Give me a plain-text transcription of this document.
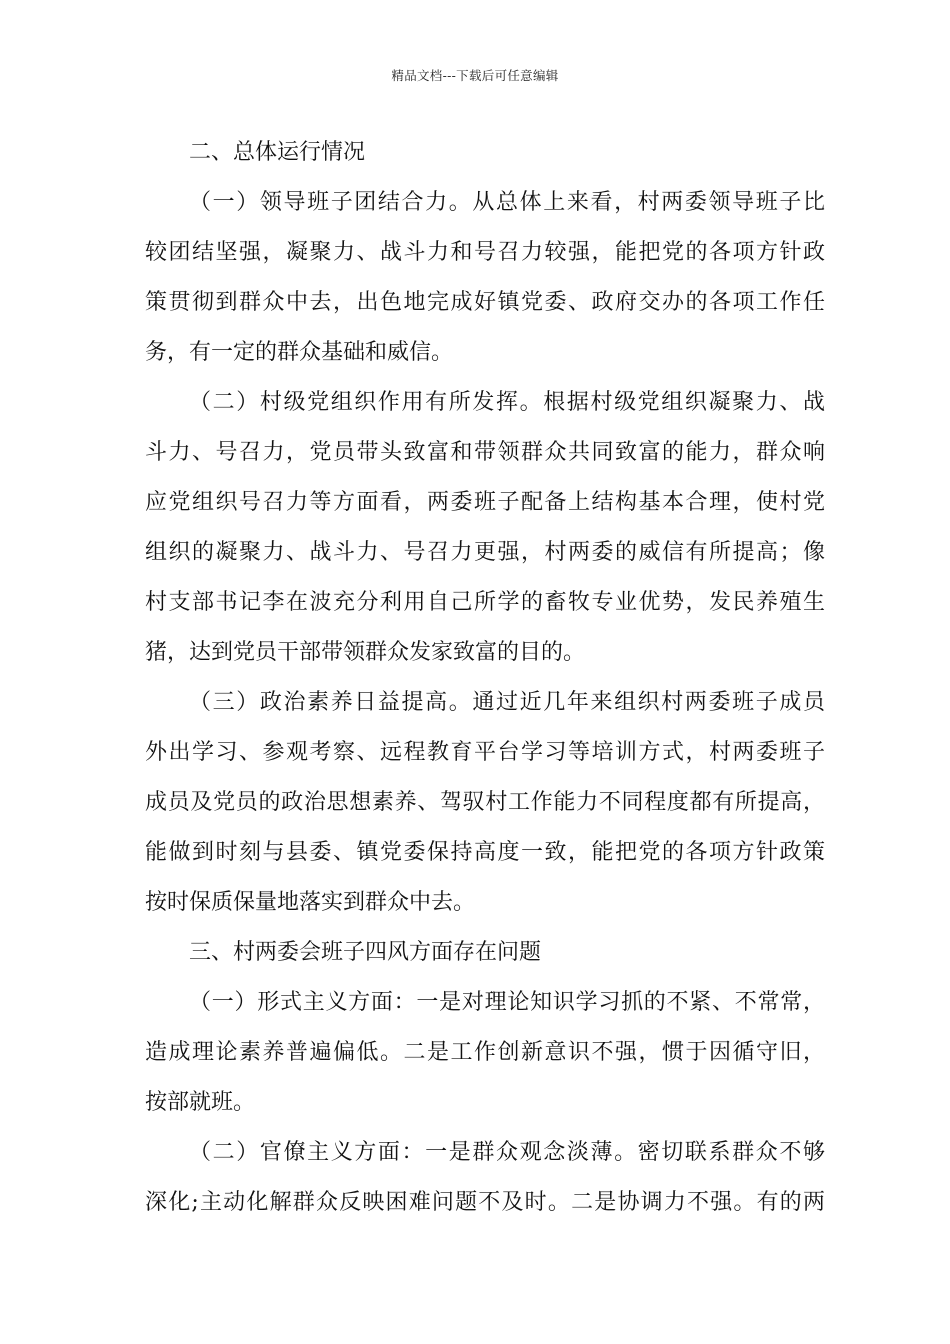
精品文档---下载后可任意编辑
二、总体运行情况
（一）领导班子团结合力。从总体上来看，村两委领导班子比
较团结坚强，凝聚力、战斗力和号召力较强，能把党的各项方针政
策贯彻到群众中去，出色地完成好镇党委、政府交办的各项工作任
务，有一定的群众基础和威信。
（二）村级党组织作用有所发挥。根据村级党组织凝聚力、战
斗力、号召力，党员带头致富和带领群众共同致富的能力，群众响
应党组织号召力等方面看，两委班子配备上结构基本合理，使村党
组织的凝聚力、战斗力、号召力更强，村两委的威信有所提高；像
村支部书记李在波充分利用自己所学的畜牧专业优势，发民养殖生
猪，达到党员干部带领群众发家致富的目的。
（三）政治素养日益提高。通过近几年来组织村两委班子成员
外出学习、参观考察、远程教育平台学习等培训方式，村两委班子
成员及党员的政治思想素养、驾驭村工作能力不同程度都有所提高，
能做到时刻与县委、镇党委保持高度一致，能把党的各项方针政策
按时保质保量地落实到群众中去。
三、村两委会班子四风方面存在问题
（一）形式主义方面：一是对理论知识学习抓的不紧、不常常，
造成理论素养普遍偏低。二是工作创新意识不强，惯于因循守旧，
按部就班。
（二）官僚主义方面：一是群众观念淡薄。密切联系群众不够
深化;主动化解群众反映困难问题不及时。二是协调力不强。有的两
